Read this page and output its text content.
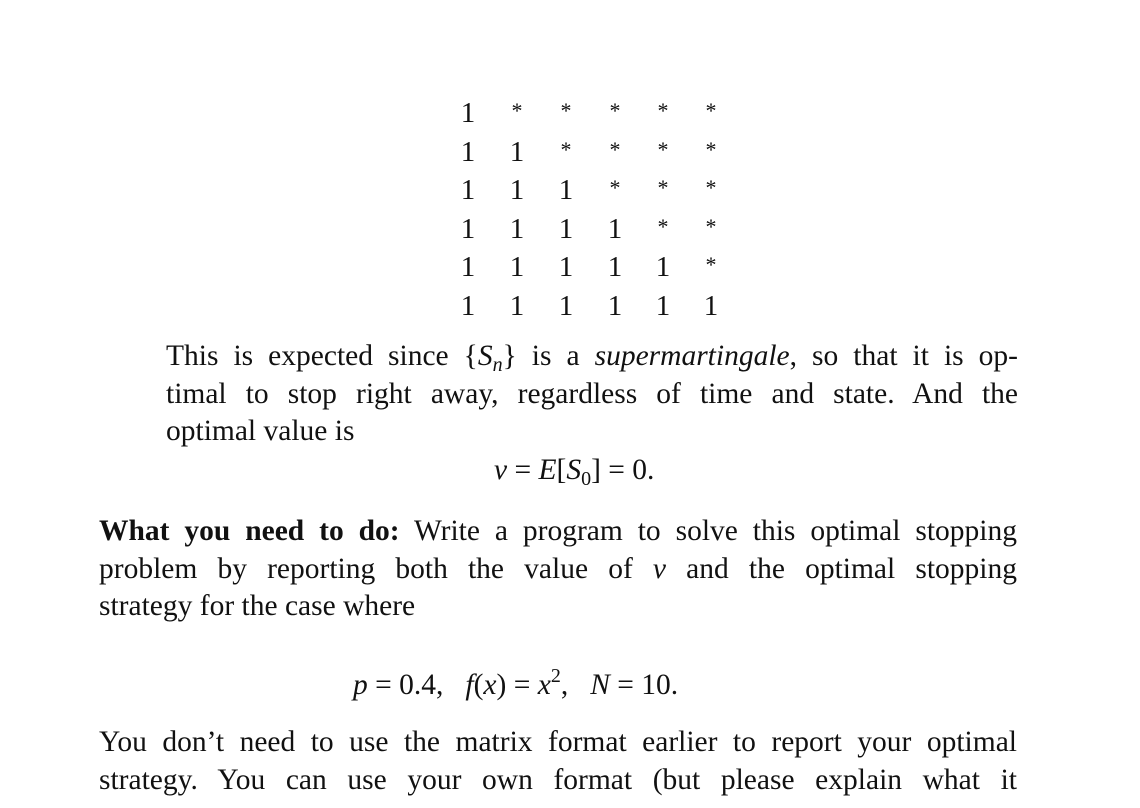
1	*	*	*	*	*
1	1	*	*	*	*
1	1	1	*	*	*
1	1	1	1	*	*
1	1	1	1	1	*
1	1	1	1	1	1
This is expected since $\{S_n\}$ is a supermartingale, so that it is op-
timal to stop right away, regardless of time and state. And the
optimal value is
$v = E[S_0] = 0$.
What you need to do: Write a program to solve this optimal stopping
problem by reporting both the value of v and the optimal stopping
strategy for the case where
p = 0.4, $f(x) = x^2$, N = 10.
You don’t need to use the matrix format earlier to report your optimal
strategy. You can use your own format (but please explain what it
